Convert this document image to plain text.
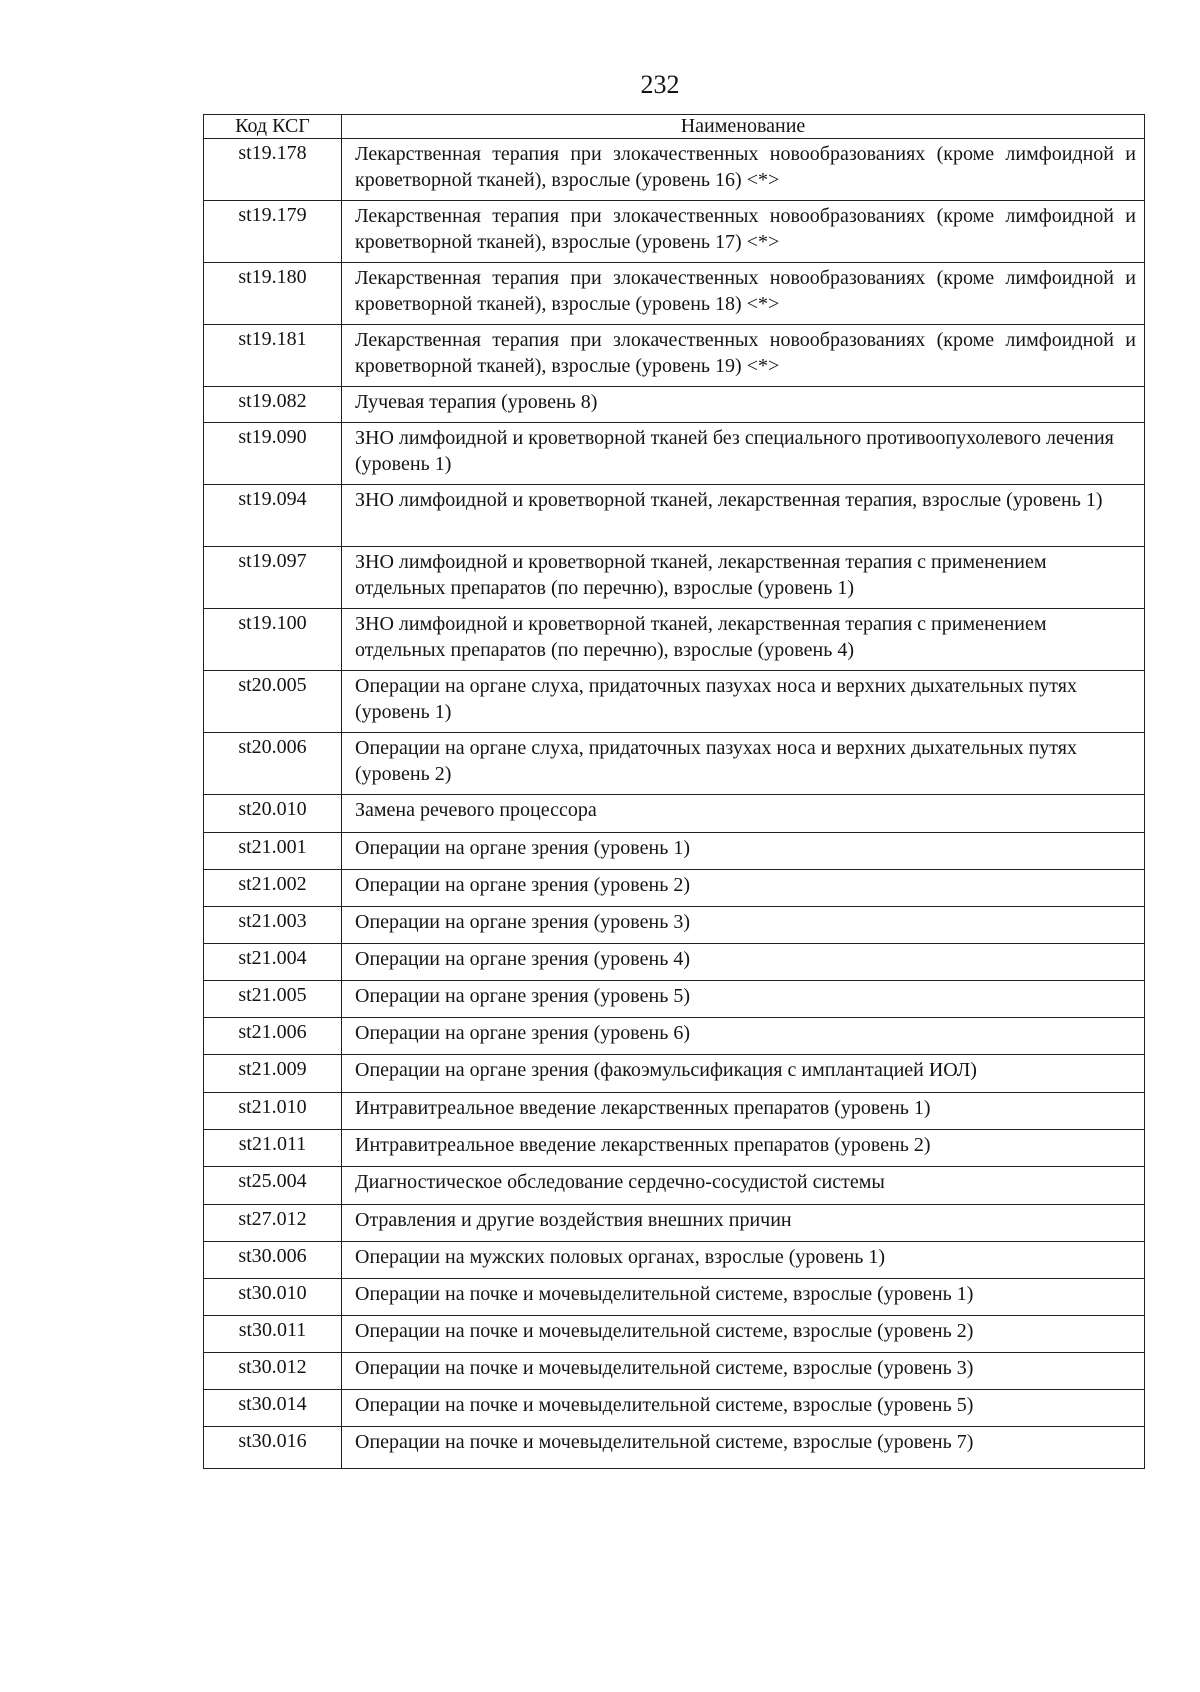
232
Код КСГ	Наименование
st19.178	Лекарственная терапия при злокачественных новообразованиях (кроме лимфоидной и кроветворной тканей), взрослые (уровень 16) <*>
st19.179	Лекарственная терапия при злокачественных новообразованиях (кроме лимфоидной и кроветворной тканей), взрослые (уровень 17) <*>
st19.180	Лекарственная терапия при злокачественных новообразованиях (кроме лимфоидной и кроветворной тканей), взрослые (уровень 18) <*>
st19.181	Лекарственная терапия при злокачественных новообразованиях (кроме лимфоидной и кроветворной тканей), взрослые (уровень 19) <*>
st19.082	Лучевая терапия (уровень 8)
st19.090	ЗНО лимфоидной и кроветворной тканей без специального противоопухолевого лечения (уровень 1)
st19.094	ЗНО лимфоидной и кроветворной тканей, лекарственная терапия, взрослые (уровень 1)
st19.097	ЗНО лимфоидной и кроветворной тканей, лекарственная терапия с применением отдельных препаратов (по перечню), взрослые (уровень 1)
st19.100	ЗНО лимфоидной и кроветворной тканей, лекарственная терапия с применением отдельных препаратов (по перечню), взрослые (уровень 4)
st20.005	Операции на органе слуха, придаточных пазухах носа и верхних дыхательных путях (уровень 1)
st20.006	Операции на органе слуха, придаточных пазухах носа и верхних дыхательных путях (уровень 2)
st20.010	Замена речевого процессора
st21.001	Операции на органе зрения (уровень 1)
st21.002	Операции на органе зрения (уровень 2)
st21.003	Операции на органе зрения (уровень 3)
st21.004	Операции на органе зрения (уровень 4)
st21.005	Операции на органе зрения (уровень 5)
st21.006	Операции на органе зрения (уровень 6)
st21.009	Операции на органе зрения (факоэмульсификация с имплантацией ИОЛ)
st21.010	Интравитреальное введение лекарственных препаратов (уровень 1)
st21.011	Интравитреальное введение лекарственных препаратов (уровень 2)
st25.004	Диагностическое обследование сердечно-сосудистой системы
st27.012	Отравления и другие воздействия внешних причин
st30.006	Операции на мужских половых органах, взрослые (уровень 1)
st30.010	Операции на почке и мочевыделительной системе, взрослые (уровень 1)
st30.011	Операции на почке и мочевыделительной системе, взрослые (уровень 2)
st30.012	Операции на почке и мочевыделительной системе, взрослые (уровень 3)
st30.014	Операции на почке и мочевыделительной системе, взрослые (уровень 5)
st30.016	Операции на почке и мочевыделительной системе, взрослые (уровень 7)
